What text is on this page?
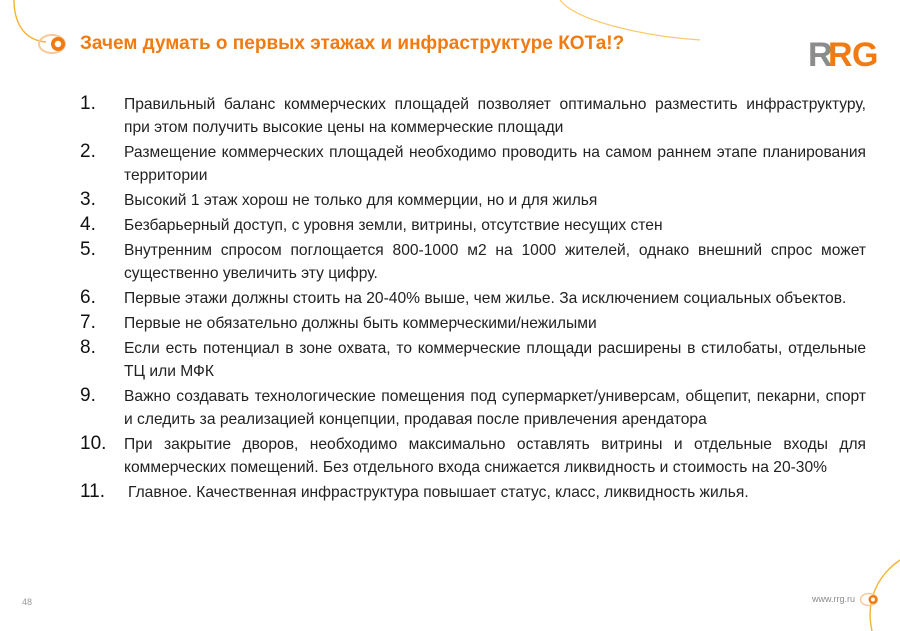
Зачем думать о первых этажах и инфраструктуре КОТа!?	R
R G
1.	Правильный баланс коммерческих площадей позволяет оптимально разместить инфраструктуру, при этом получить высокие цены на коммерческие площади
2.	Размещение коммерческих площадей необходимо проводить на самом раннем этапе планирования территории
3.	Высокий 1 этаж хорош не только для коммерции, но и для жилья
4.	Безбарьерный доступ, с уровня земли, витрины, отсутствие несущих стен
5.	Внутренним спросом поглощается 800-1000 м2 на 1000 жителей, однако внешний спрос может существенно увеличить эту цифру.
6.	Первые этажи должны стоить на 20-40% выше, чем жилье. За исключением социальных объектов.
7.	Первые не обязательно должны быть коммерческими/нежилыми
8.	Если есть потенциал в зоне охвата, то коммерческие площади расширены в стилобаты, отдельные ТЦ или МФК
9.	Важно создавать технологические помещения под супермаркет/универсам, общепит, пекарни, спорт и следить за реализацией концепции, продавая после привлечения арендатора
10.	При закрытие дворов, необходимо максимально оставлять витрины и отдельные входы для коммерческих помещений. Без отдельного входа снижается ликвидность и стоимость на 20-30%
11.	Главное. Качественная инфраструктура повышает статус, класс, ликвидность жилья.
48	www.rrg.ru
